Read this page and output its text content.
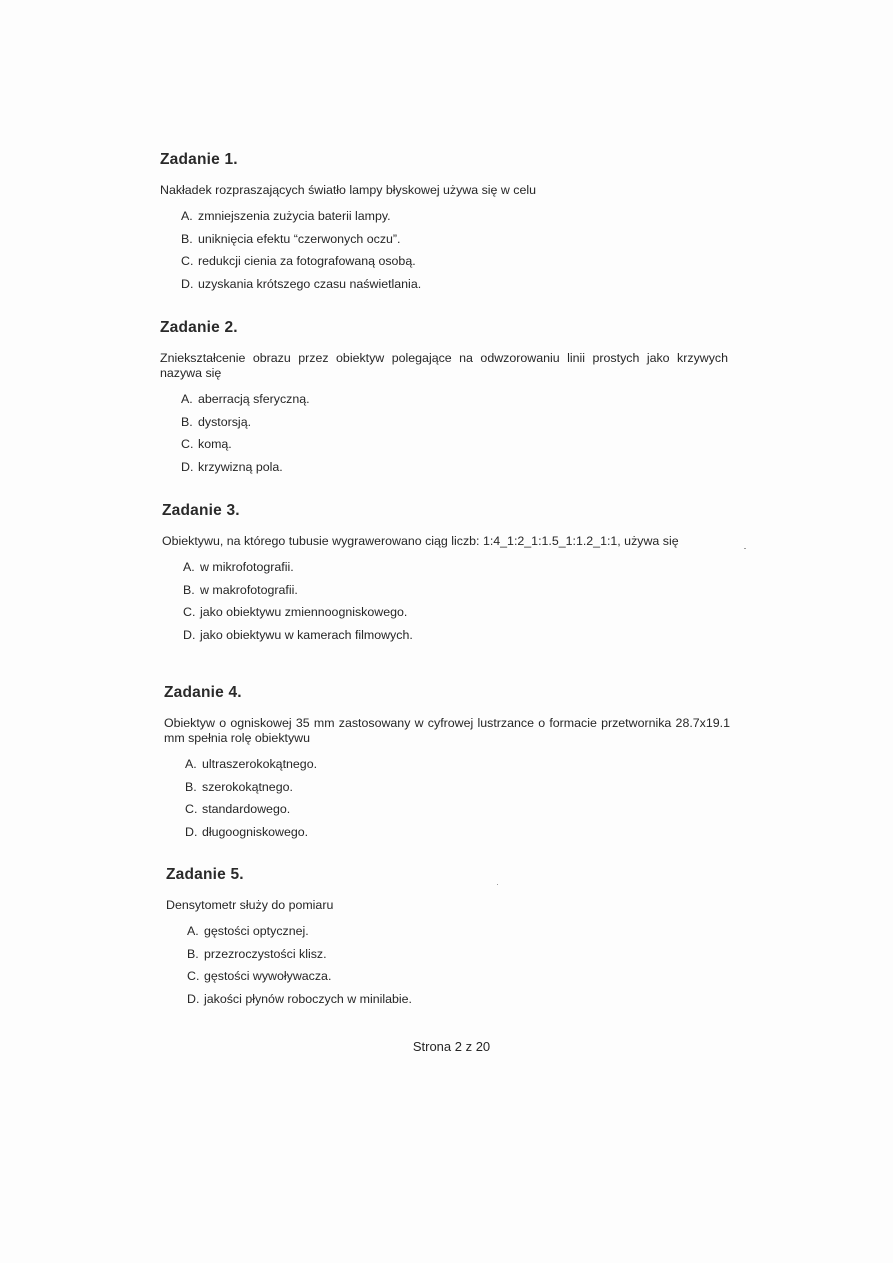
Zadanie 1.

Nakładek rozpraszających światło lampy błyskowej używa się w celu

A. zmniejszenia zużycia baterii lampy.
B. uniknięcia efektu “czerwonych oczu”.
C. redukcji cienia za fotografowaną osobą.
D. uzyskania krótszego czasu naświetlania.
Zadanie 2.

Zniekształcenie obrazu przez obiektyw polegające na odwzorowaniu linii prostych jako krzywych nazywa się

A. aberracją sferyczną.
B. dystorsją.
C. komą.
D. krzywizną pola.
Zadanie 3.

Obiektywu, na którego tubusie wygrawerowano ciąg liczb: 1:4_1:2_1:1.5_1:1.2_1:1, używa się

A. w mikrofotografii.
B. w makrofotografii.
C. jako obiektywu zmiennoogniskowego.
D. jako obiektywu w kamerach filmowych.
Zadanie 4.

Obiektyw o ogniskowej 35 mm zastosowany w cyfrowej lustrzance o formacie przetwornika 28.7x19.1 mm spełnia rolę obiektywu

A. ultraszerokokątnego.
B. szerokokątnego.
C. standardowego.
D. długoogniskowego.
Zadanie 5.

Densytometr służy do pomiaru

A. gęstości optycznej.
B. przezroczystości klisz.
C. gęstości wywoływacza.
D. jakości płynów roboczych w minilabie.
Strona 2 z 20
